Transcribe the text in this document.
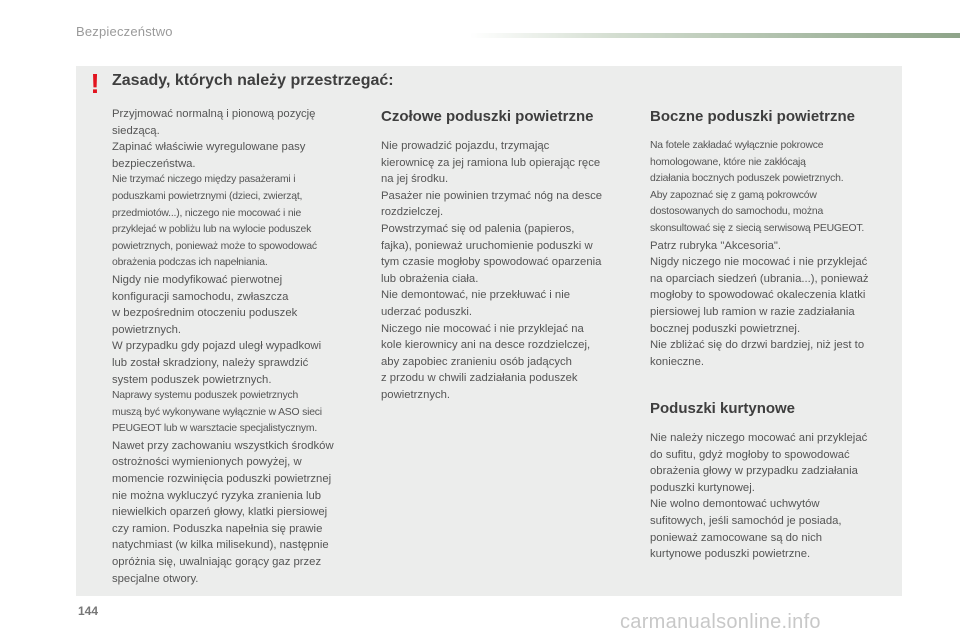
Bezpieczeństwo
! Zasady, których należy przestrzegać:

Przyjmować normalną i pionową pozycję

siedzącą.

Zapinać właściwie wyregulowane pasy

bezpieczeństwa.

Nie trzymać niczego między pasażerami i

poduszkami powietrznymi (dzieci, zwierząt,

przedmiotów...), niczego nie mocować i nie

przyklejać w pobliżu lub na wylocie poduszek

powietrznych, ponieważ może to spowodować

obrażenia podczas ich napełniania.

Nigdy nie modyfikować pierwotnej

konfiguracji samochodu, zwłaszcza

w bezpośrednim otoczeniu poduszek

powietrznych.

W przypadku gdy pojazd uległ wypadkowi

lub został skradziony, należy sprawdzić

system poduszek powietrznych.

Naprawy systemu poduszek powietrznych

muszą być wykonywane wyłącznie w ASO sieci

PEUGEOT lub w warsztacie specjalistycznym.

Nawet przy zachowaniu wszystkich środków

ostrożności wymienionych powyżej, w

momencie rozwinięcia poduszki powietrznej

nie można wykluczyć ryzyka zranienia lub

niewielkich oparzeń głowy, klatki piersiowej

czy ramion. Poduszka napełnia się prawie

natychmiast (w kilka milisekund), następnie

opróżnia się, uwalniając gorący gaz przez

specjalne otwory.

Czołowe poduszki powietrzne

Nie prowadzić pojazdu, trzymając

kierownicę za jej ramiona lub opierając ręce

na jej środku.

Pasażer nie powinien trzymać nóg na desce

rozdzielczej.

Powstrzymać się od palenia (papieros,

fajka), ponieważ uruchomienie poduszki w

tym czasie mogłoby spowodować oparzenia

lub obrażenia ciała.

Nie demontować, nie przekłuwać i nie

uderzać poduszki.

Niczego nie mocować i nie przyklejać na

kole kierownicy ani na desce rozdzielczej,

aby zapobiec zranieniu osób jadących

z przodu w chwili zadziałania poduszek

powietrznych.

Boczne poduszki powietrzne

Na fotele zakładać wyłącznie pokrowce

homologowane, które nie zakłócają

działania bocznych poduszek powietrznych.

Aby zapoznać się z gamą pokrowców

dostosowanych do samochodu, można

skonsultować się z siecią serwisową PEUGEOT.

Patrz rubryka "Akcesoria".

Nigdy niczego nie mocować i nie przyklejać

na oparciach siedzeń (ubrania...), ponieważ

mogłoby to spowodować okaleczenia klatki

piersiowej lub ramion w razie zadziałania

bocznej poduszki powietrznej.

Nie zbliżać się do drzwi bardziej, niż jest to

konieczne.

Poduszki kurtynowe

Nie należy niczego mocować ani przyklejać

do sufitu, gdyż mogłoby to spowodować

obrażenia głowy w przypadku zadziałania

poduszki kurtynowej.

Nie wolno demontować uchwytów

sufitowych, jeśli samochód je posiada,

ponieważ zamocowane są do nich

kurtynowe poduszki powietrzne.

144	carmanualsonline.info
